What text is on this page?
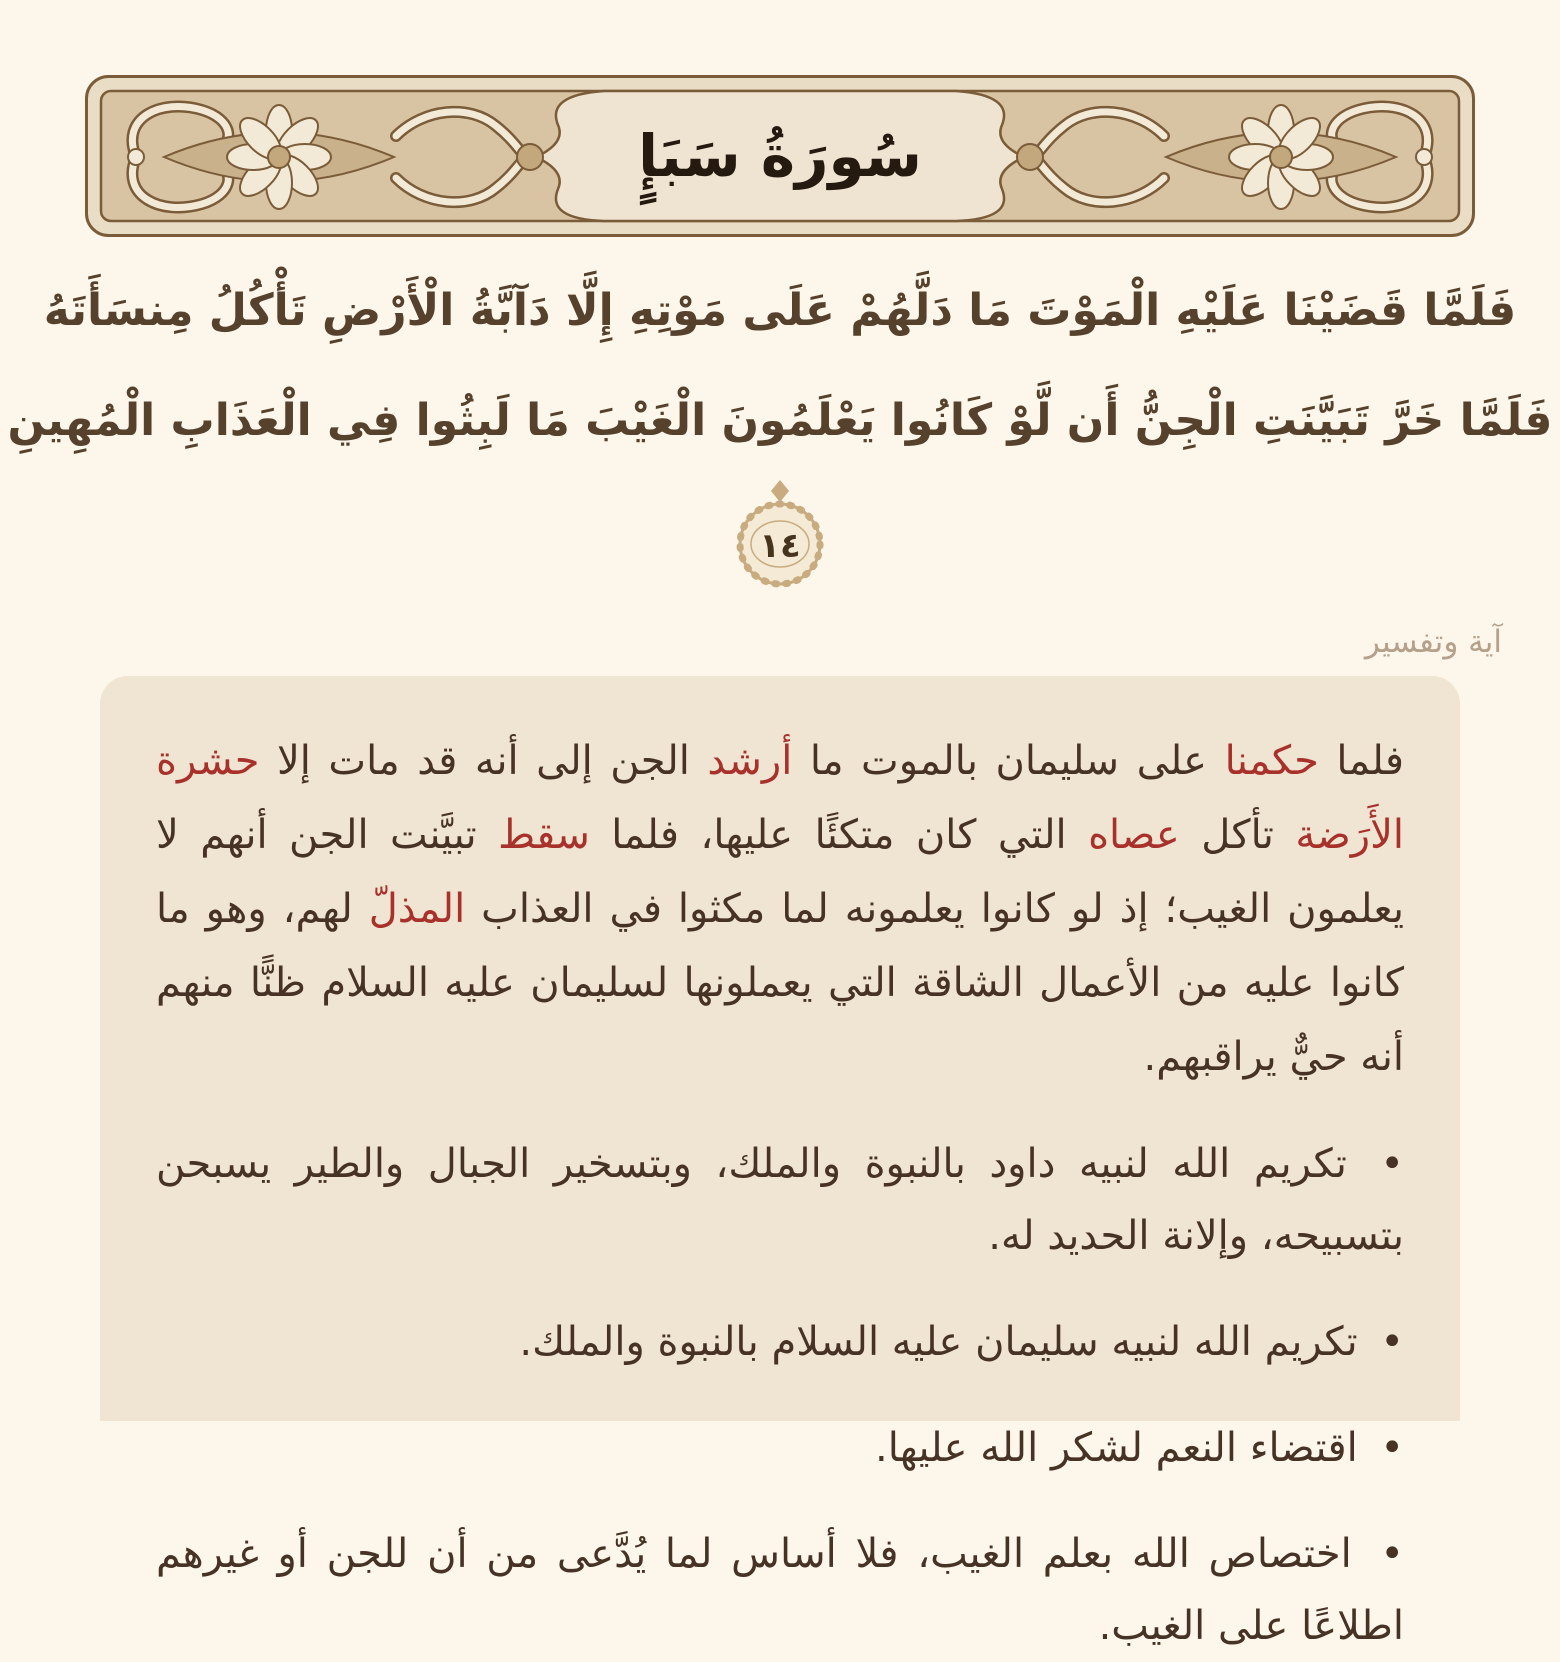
سُورَةُ سَبَإٍ
فَلَمَّا قَضَيْنَا عَلَيْهِ الْمَوْتَ مَا دَلَّهُمْ عَلَى مَوْتِهِ إِلَّا دَآبَّةُ الْأَرْضِ تَأْكُلُ مِنسَأَتَهُ
فَلَمَّا خَرَّ تَبَيَّنَتِ الْجِنُّ أَن لَّوْ كَانُوا يَعْلَمُونَ الْغَيْبَ مَا لَبِثُوا فِي الْعَذَابِ الْمُهِينِ
١٤
آية وتفسير

فلما حكمنا على سليمان بالموت ما أرشد الجن إلى أنه قد مات إلا حشرة الأَرَضة تأكل عصاه التي كان متكئًا عليها، فلما سقط تبيَّنت الجن أنهم لا يعلمون الغيب؛ إذ لو كانوا يعلمونه لما مكثوا في العذاب المذلّ لهم، وهو ما كانوا عليه من الأعمال الشاقة التي يعملونها لسليمان عليه السلام ظنًّا منهم أنه حيٌّ يراقبهم.

• تكريم الله لنبيه داود بالنبوة والملك، وبتسخير الجبال والطير يسبحن بتسبيحه، وإلانة الحديد له.
• تكريم الله لنبيه سليمان عليه السلام بالنبوة والملك.
• اقتضاء النعم لشكر الله عليها.
• اختصاص الله بعلم الغيب، فلا أساس لما يُدَّعى من أن للجن أو غيرهم اطلاعًا على الغيب.
